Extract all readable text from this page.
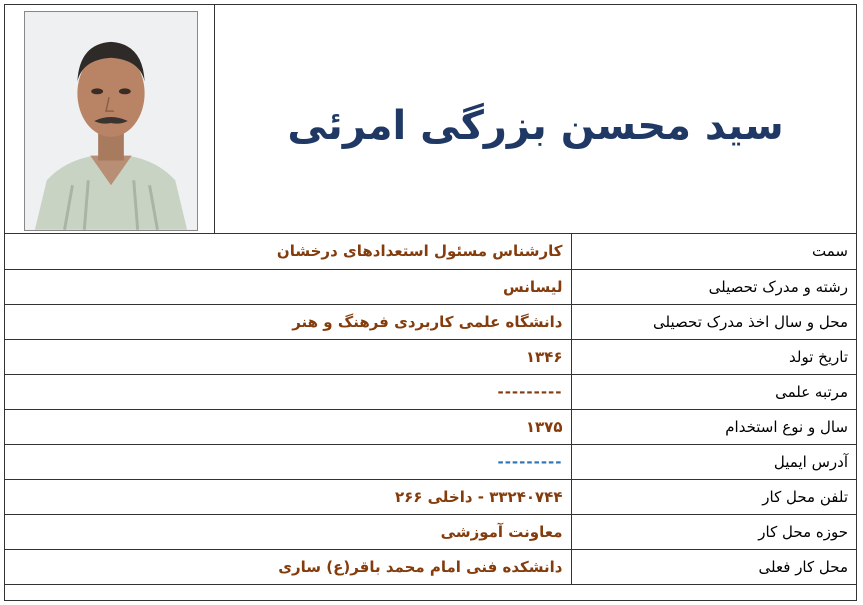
سید محسن بزرگی امرئی
سمت	کارشناس مسئول استعدادهای درخشان
رشته و مدرک تحصیلی	لیسانس
محل و سال اخذ مدرک تحصیلی	دانشگاه علمی کاربردی فرهنگ و هنر
تاریخ تولد	۱۳۴۶
مرتبه علمی	---------
سال و نوع استخدام	۱۳۷۵
آدرس ایمیل	---------
تلفن محل کار	۳۳۲۴۰۷۴۴ - داخلی ۲۶۶
حوزه محل کار	معاونت آموزشی
محل کار فعلی	دانشکده فنی امام محمد باقر(ع) ساری
